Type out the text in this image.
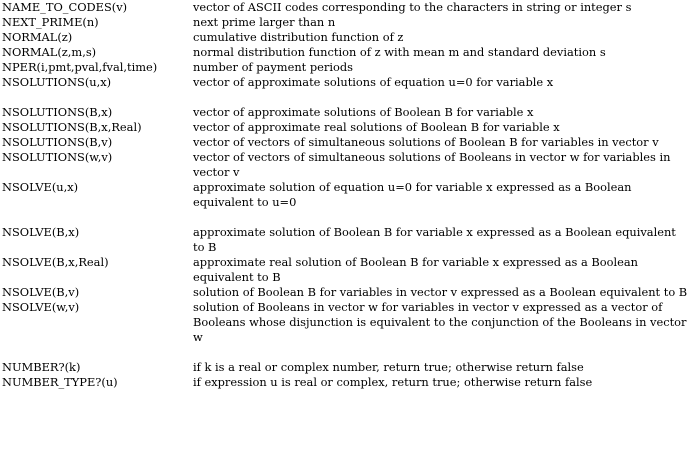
NAME_TO_CODES(v)	vector of ASCII codes corresponding to the characters in string or integer s
NEXT_PRIME(n)	next prime larger than n
NORMAL(z)	cumulative distribution function of z
NORMAL(z,m,s)	normal distribution function of z with mean m and standard deviation s
NPER(i,pmt,pval,fval,time)	number of payment periods
NSOLUTIONS(u,x)	vector of approximate solutions of equation u=0 for variable x
NSOLUTIONS(B,x)	vector of approximate solutions of Boolean B for variable x
NSOLUTIONS(B,x,Real)	vector of approximate real solutions of Boolean B for variable x
NSOLUTIONS(B,v)	vector of vectors of simultaneous solutions of Boolean B for variables in vector v
NSOLUTIONS(w,v)	vector of vectors of simultaneous solutions of Booleans in vector w for variables in vector v
NSOLVE(u,x)	approximate solution of equation u=0 for variable x expressed as a Boolean equivalent to u=0
NSOLVE(B,x)	approximate solution of Boolean B for variable x expressed as a Boolean equivalent to B
NSOLVE(B,x,Real)	approximate real solution of Boolean B for variable x expressed as a Boolean equivalent to B
NSOLVE(B,v)	solution of Boolean B for variables in vector v expressed as a Boolean equivalent to B
NSOLVE(w,v)	solution of Booleans in vector w for variables in vector v expressed as a vector of Booleans whose disjunction is equivalent to the conjunction of the Booleans in vector w
NUMBER?(k)	if k is a real or complex number, return true; otherwise return false
NUMBER_TYPE?(u)	if expression u is real or complex, return true; otherwise return false
